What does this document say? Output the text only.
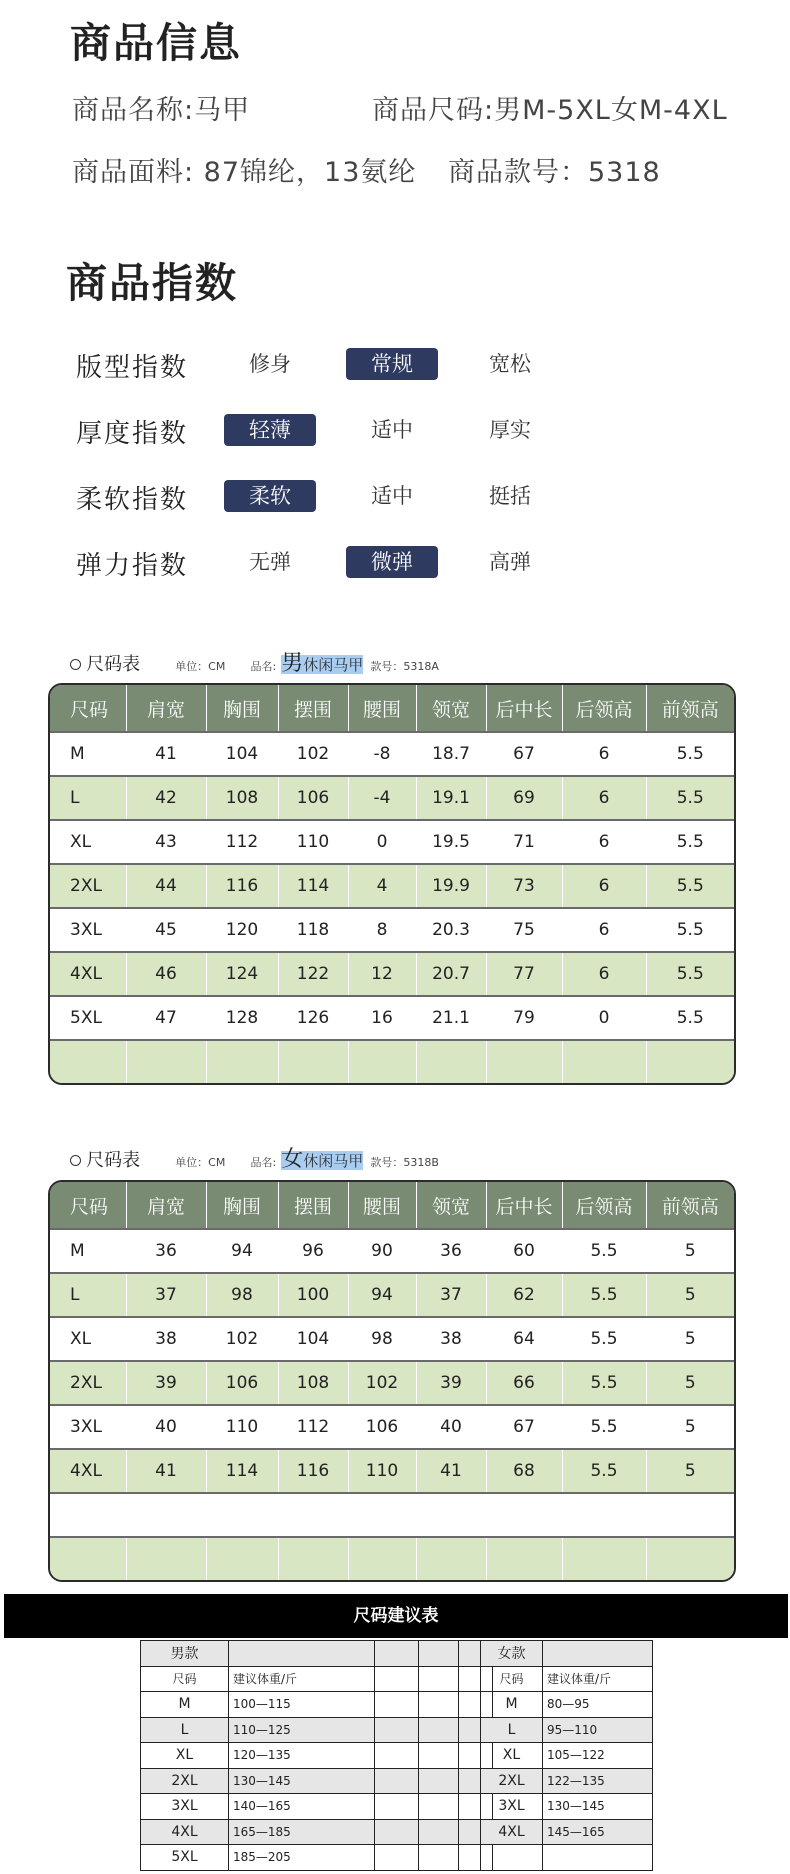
商品信息
商品名称:马甲	商品尺码:男M-5XL女M-4XL
商品面料: 87锦纶，13氨纶 商品款号：5318
商品指数
版型指数	修身	常规	宽松
厚度指数	轻薄	适中	厚实
柔软指数	柔软	适中	挺括
弹力指数	无弹	微弹	高弹
尺码表	单位：CM 品名: 男休闲马甲 款号：5318A
尺码	肩宽	胸围	摆围	腰围	领宽	后中长	后领高	前领高
M	41	104	102	-8	18.7	67	6	5.5
L	42	108	106	-4	19.1	69	6	5.5
XL	43	112	110	0	19.5	71	6	5.5
2XL	44	116	114	4	19.9	73	6	5.5
3XL	45	120	118	8	20.3	75	6	5.5
4XL	46	124	122	12	20.7	77	6	5.5
5XL	47	128	126	16	21.1	79	0	5.5

尺码表	单位：CM 品名: 女休闲马甲 款号：5318B
尺码	肩宽	胸围	摆围	腰围	领宽	后中长	后领高	前领高
M	36	94	96	90	36	60	5.5	5
L	37	98	100	94	37	62	5.5	5
XL	38	102	104	98	38	64	5.5	5
2XL	39	106	108	102	39	66	5.5	5
3XL	40	110	112	106	40	67	5.5	5
4XL	41	114	116	110	41	68	5.5	5

尺码建议表
男款				
尺码	建议体重/斤			
M	100—115			
L	110—125			
XL	120—135			
2XL	130—145			
3XL	140—165			
4XL	165—185			
5XL	185—205			
女款	
尺码	建议体重/斤
M	80—95
L	95—110
XL	105—122
2XL	122—135
3XL	130—145
4XL	145—165
